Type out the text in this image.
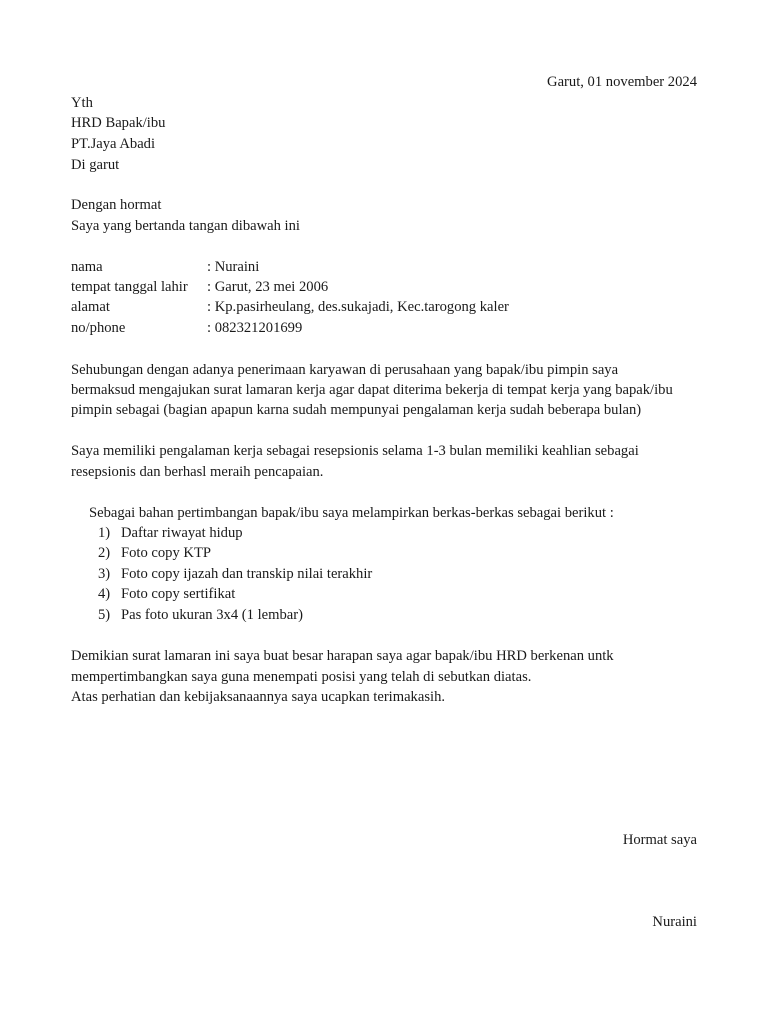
Garut, 01 november 2024
Yth
HRD Bapak/ibu
PT.Jaya Abadi
Di garut
Dengan hormat
Saya yang bertanda tangan dibawah ini
nama	: Nuraini
tempat tanggal lahir : Garut, 23 mei 2006
alamat	: Kp.pasirheulang, des.sukajadi, Kec.tarogong kaler
no/phone	: 082321201699
Sehubungan dengan adanya penerimaan karyawan di perusahaan yang bapak/ibu pimpin saya
bermaksud mengajukan surat lamaran kerja agar dapat diterima bekerja di tempat kerja yang bapak/ibu
pimpin sebagai (bagian apapun karna sudah mempunyai pengalaman kerja sudah beberapa bulan)
Saya memiliki pengalaman kerja sebagai resepsionis selama 1-3 bulan memiliki keahlian sebagai
resepsionis dan berhasl meraih pencapaian.
Sebagai bahan pertimbangan bapak/ibu saya melampirkan berkas-berkas sebagai berikut :
1) Daftar riwayat hidup
2) Foto copy KTP
3) Foto copy ijazah dan transkip nilai terakhir
4) Foto copy sertifikat
5) Pas foto ukuran 3x4 (1 lembar)
Demikian surat lamaran ini saya buat besar harapan saya agar bapak/ibu HRD berkenan untk
mempertimbangkan saya guna menempati posisi yang telah di sebutkan diatas.
Atas perhatian dan kebijaksanaannya saya ucapkan terimakasih.
Hormat saya
Nuraini
